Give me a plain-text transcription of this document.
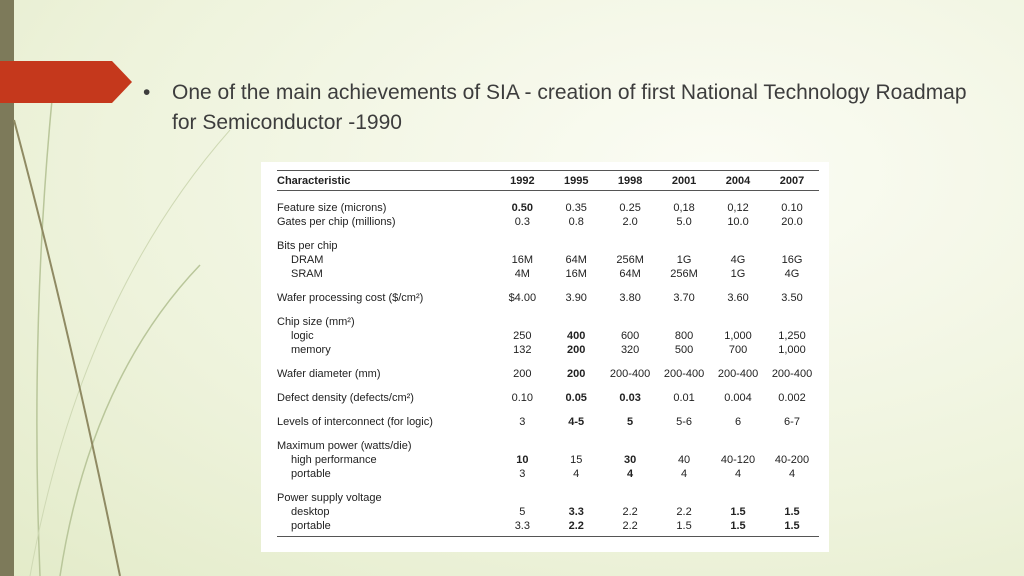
• One of the main achievements of SIA - creation of first National Technology Roadmap for Semiconductor -1990
Characteristic	1992	1995	1998	2001	2004	2007

Feature size (microns)	0.50	0.35	0.25	0,18	0,12	0.10
Gates per chip (millions)	0.3	0.8	2.0	5.0	10.0	20.0

Bits per chip						
DRAM	16M	64M	256M	1G	4G	16G
SRAM	4M	16M	64M	256M	1G	4G

Wafer processing cost ($/cm²)	$4.00	3.90	3.80	3.70	3.60	3.50

Chip size (mm²)						
logic	250	400	600	800	1,000	1,250
memory	132	200	320	500	700	1,000

Wafer diameter (mm)	200	200	200-400	200-400	200-400	200-400

Defect density (defects/cm²)	0.10	0.05	0.03	0.01	0.004	0.002

Levels of interconnect (for logic)	3	4-5	5	5-6	6	6-7

Maximum power (watts/die)						
high performance	10	15	30	40	40-120	40-200
portable	3	4	4	4	4	4

Power supply voltage						
desktop	5	3.3	2.2	2.2	1.5	1.5
portable	3.3	2.2	2.2	1.5	1.5	1.5
